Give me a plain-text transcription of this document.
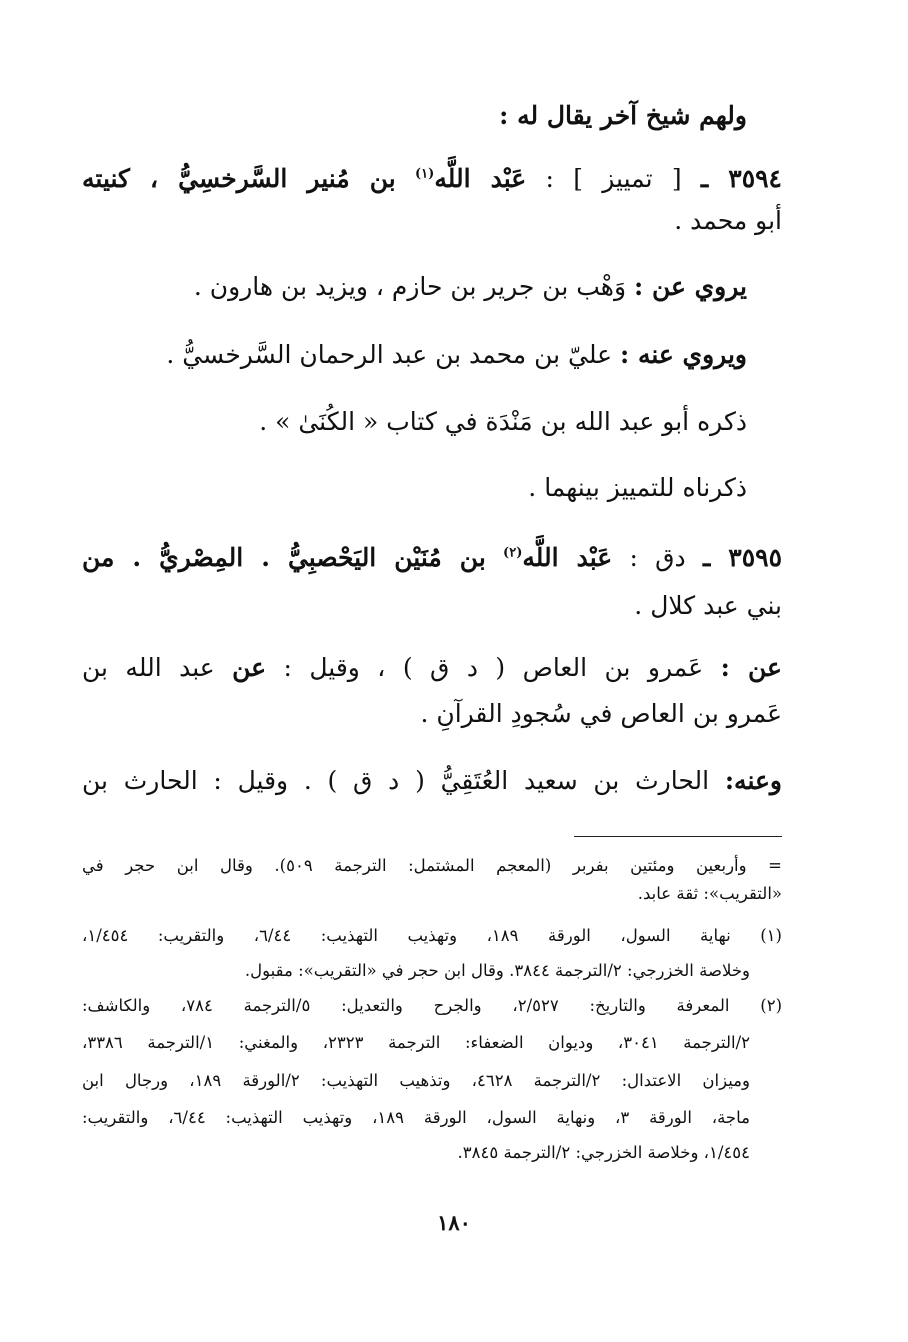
ولهم شيخ آخر يقال له :
٣٥٩٤ ـ [ تمييز ] : عَبْد اللَّه$^{(١)}$ بن مُنير السَّرخسِيُّ ، كنيته
أبو محمد .
يروي عن : وَهْب بن جرير بن حازم ، ويزيد بن هارون .
ويروي عنه : عليّ بن محمد بن عبد الرحمان السَّرخسيُّ .
ذكره أبو عبد الله بن مَنْدَة في كتاب « الكُنَىٰ » .
ذكرناه للتمييز بينهما .
٣٥٩٥ ـ دق : عَبْد اللَّه$^{(٢)}$ بن مُنَيْن اليَحْصبِيُّ . المِصْريُّ . من
بني عبد كلال .
عن : عَمرو بن العاص ( د ق ) ، وقيل : عن عبد الله بن
عَمرو بن العاص في سُجودِ القرآنِ .
وعنه: الحارث بن سعيد العُتَقِيُّ ( د ق ) . وقيل : الحارث بن
= وأربعين ومئتين بفربر (المعجم المشتمل: الترجمة ٥٠٩). وقال ابن حجر في
«التقريب»: ثقة عابد.
(١) نهاية السول، الورقة ١٨٩، وتهذيب التهذيب: ٦/٤٤، والتقريب: ١/٤٥٤،
وخلاصة الخزرجي: ٢/الترجمة ٣٨٤٤. وقال ابن حجر في «التقريب»: مقبول.
(٢) المعرفة والتاريخ: ٢/٥٢٧، والجرح والتعديل: ٥/الترجمة ٧٨٤، والكاشف:
٢/الترجمة ٣٠٤١، وديوان الضعفاء: الترجمة ٢٣٢٣، والمغني: ١/الترجمة ٣٣٨٦،
وميزان الاعتدال: ٢/الترجمة ٤٦٢٨، وتذهيب التهذيب: ٢/الورقة ١٨٩، ورجال ابن
ماجة، الورقة ٣، ونهاية السول، الورقة ١٨٩، وتهذيب التهذيب: ٦/٤٤، والتقريب:
١/٤٥٤، وخلاصة الخزرجي: ٢/الترجمة ٣٨٤٥.
١٨٠
